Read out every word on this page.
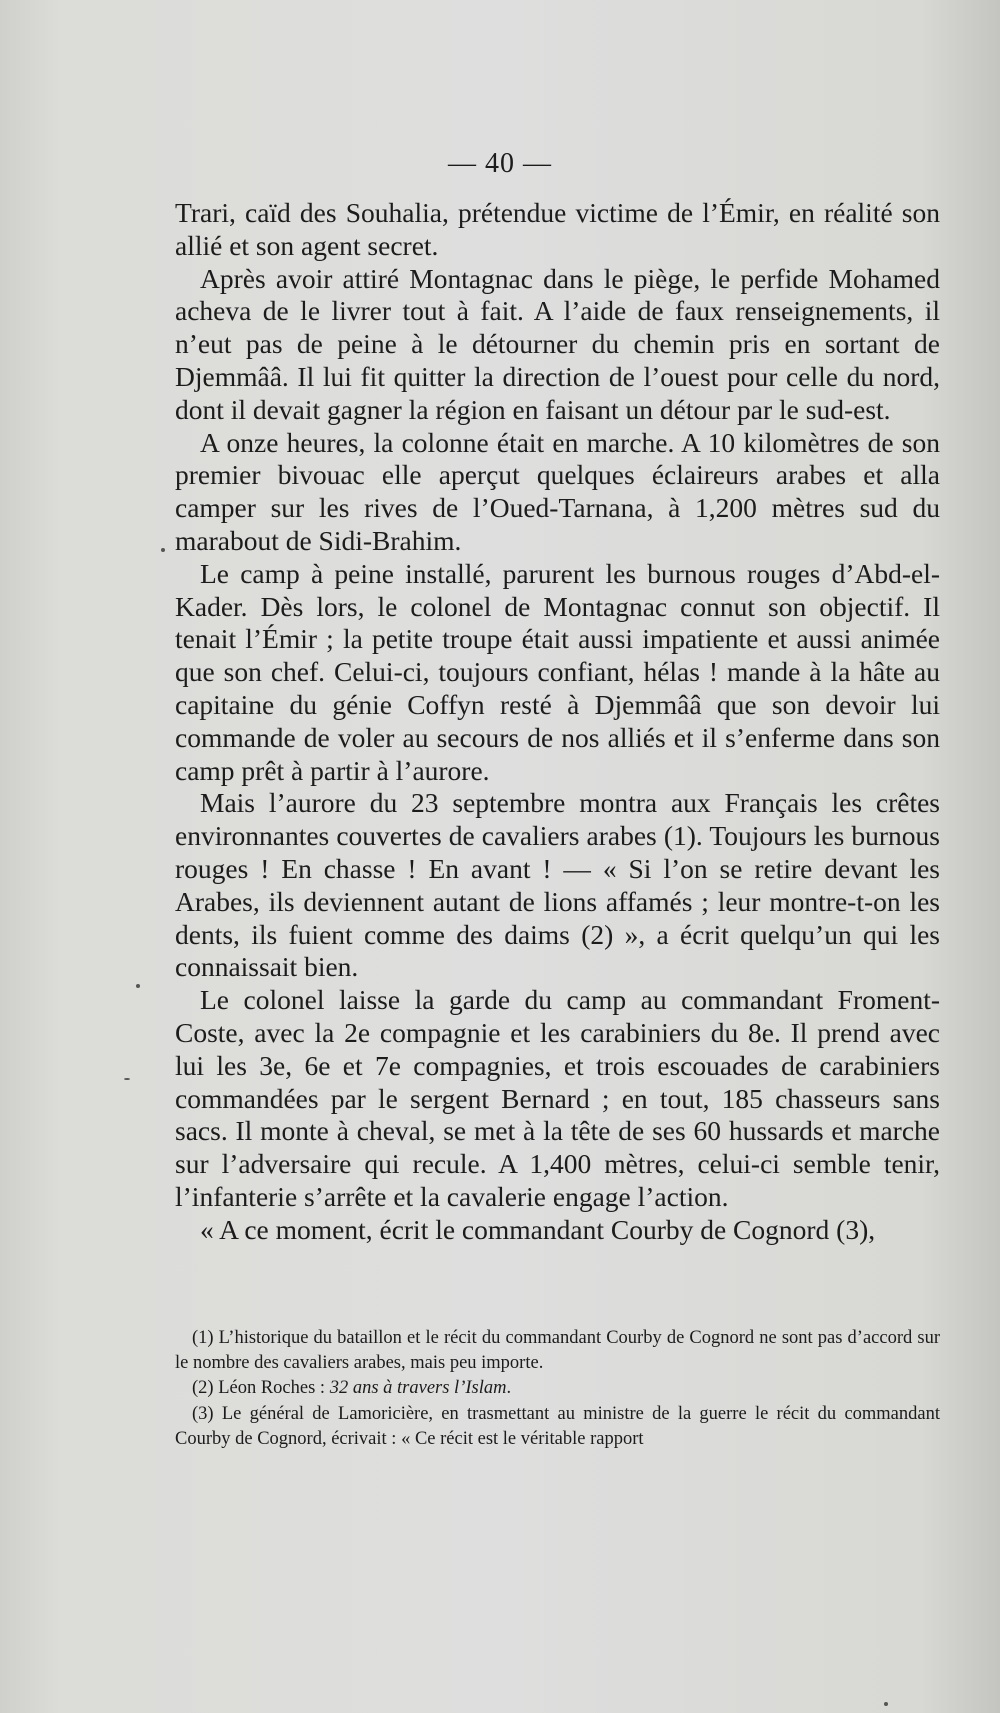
— 40 —

Trari, caïd des Souhalia, prétendue victime de l’Émir, en réalité son allié et son agent secret.

Après avoir attiré Montagnac dans le piège, le perfide Mohamed acheva de le livrer tout à fait. A l’aide de faux renseignements, il n’eut pas de peine à le détourner du chemin pris en sortant de Djemmââ. Il lui fit quitter la direction de l’ouest pour celle du nord, dont il devait gagner la région en faisant un détour par le sud-est.

A onze heures, la colonne était en marche. A 10 kilomètres de son premier bivouac elle aperçut quelques éclaireurs arabes et alla camper sur les rives de l’Oued-Tarnana, à 1,200 mètres sud du marabout de Sidi-Brahim.

Le camp à peine installé, parurent les burnous rouges d’Abd-el-Kader. Dès lors, le colonel de Montagnac connut son objectif. Il tenait l’Émir ; la petite troupe était aussi impatiente et aussi animée que son chef. Celui-ci, toujours confiant, hélas ! mande à la hâte au capitaine du génie Coffyn resté à Djemmââ que son devoir lui commande de voler au secours de nos alliés et il s’enferme dans son camp prêt à partir à l’aurore.

Mais l’aurore du 23 septembre montra aux Français les crêtes environnantes couvertes de cavaliers arabes (1). Toujours les burnous rouges ! En chasse ! En avant ! — « Si l’on se retire devant les Arabes, ils deviennent autant de lions affamés ; leur montre-t-on les dents, ils fuient comme des daims (2) », a écrit quelqu’un qui les connaissait bien.

Le colonel laisse la garde du camp au commandant Froment-Coste, avec la 2e compagnie et les carabiniers du 8e. Il prend avec lui les 3e, 6e et 7e compagnies, et trois escouades de carabiniers commandées par le sergent Bernard ; en tout, 185 chasseurs sans sacs. Il monte à cheval, se met à la tête de ses 60 hussards et marche sur l’adversaire qui recule. A 1,400 mètres, celui-ci semble tenir, l’infanterie s’arrête et la cavalerie engage l’action.

« A ce moment, écrit le commandant Courby de Cognord (3),

(1) L’historique du bataillon et le récit du commandant Courby de Cognord ne sont pas d’accord sur le nombre des cavaliers arabes, mais peu importe.

(2) Léon Roches : 32 ans à travers l’Islam.

(3) Le général de Lamoricière, en trasmettant au ministre de la guerre le récit du commandant Courby de Cognord, écrivait : « Ce récit est le véritable rapport
